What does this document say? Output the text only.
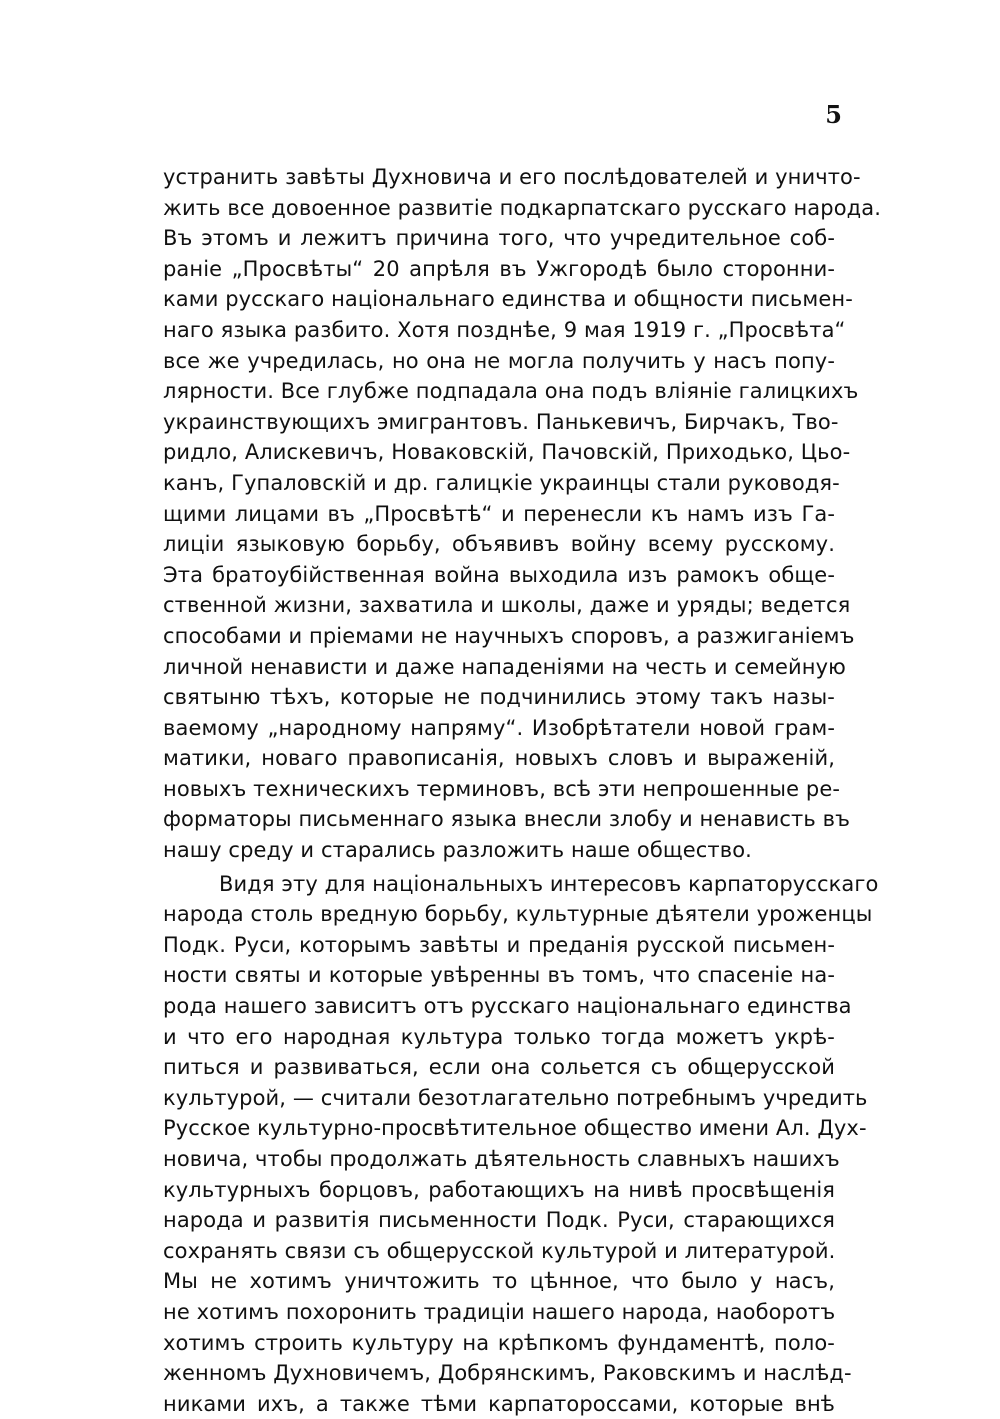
5
устранить завѣты Духновича и его послѣдователей и уничто-
жить все довоенное развитіе подкарпатскаго русскаго народа.
Въ этомъ и лежитъ причина того, что учредительное соб-
раніе „Просвѣты“ 20 апрѣля въ Ужгородѣ было сторонни-
ками русскаго національнаго единства и общности письмен-
наго языка разбито. Хотя позднѣе, 9 мая 1919 г. „Просвѣта“
все же учредилась, но она не могла получить у насъ попу-
лярности. Все глубже подпадала она подъ вліяніе галицкихъ
украинствующихъ эмигрантовъ. Панькевичъ, Бирчакъ, Тво-
ридло, Алискевичъ, Новаковскій, Пачовскій, Приходько, Цьо-
канъ, Гупаловскій и др. галицкіе украинцы стали руководя-
щими лицами въ „Просвѣтѣ“ и перенесли къ намъ изъ Га-
лиціи языковую борьбу, объявивъ войну всему русскому.
Эта братоубійственная война выходила изъ рамокъ обще-
ственной жизни, захватила и школы, даже и уряды; ведется
способами и пріемами не научныхъ споровъ, а разжиганіемъ
личной ненависти и даже нападеніями на честь и семейную
святыню тѣхъ, которые не подчинились этому такъ назы-
ваемому „народному напряму“. Изобрѣтатели новой грам-
матики, новаго правописанія, новыхъ словъ и выраженій,
новыхъ техническихъ терминовъ, всѣ эти непрошенные ре-
форматоры письменнаго языка внесли злобу и ненависть въ
нашу среду и старались разложить наше общество.
Видя эту для національныхъ интересовъ карпаторусскаго
народа столь вредную борьбу, культурные дѣятели уроженцы
Подк. Руси, которымъ завѣты и преданія русской письмен-
ности святы и которые увѣренны въ томъ, что спасеніе на-
рода нашего зависитъ отъ русскаго національнаго единства
и что его народная культура только тогда можетъ укрѣ-
питься и развиваться, если она сольется съ общерусской
культурой, — считали безотлагательно потребнымъ учредить
Русское культурно-просвѣтительное общество имени Ал. Дух-
новича, чтобы продолжать дѣятельность славныхъ нашихъ
культурныхъ борцовъ, работающихъ на нивѣ просвѣщенія
народа и развитія письменности Подк. Руси, старающихся
сохранять связи съ общерусской культурой и литературой.
Мы не хотимъ уничтожить то цѣнное, что было у насъ,
не хотимъ похоронить традиціи нашего народа, наоборотъ
хотимъ строить культуру на крѣпкомъ фундаментѣ, поло-
женномъ Духновичемъ, Добрянскимъ, Раковскимъ и наслѣд-
никами ихъ, а также тѣми карпатороссами, которые внѣ
